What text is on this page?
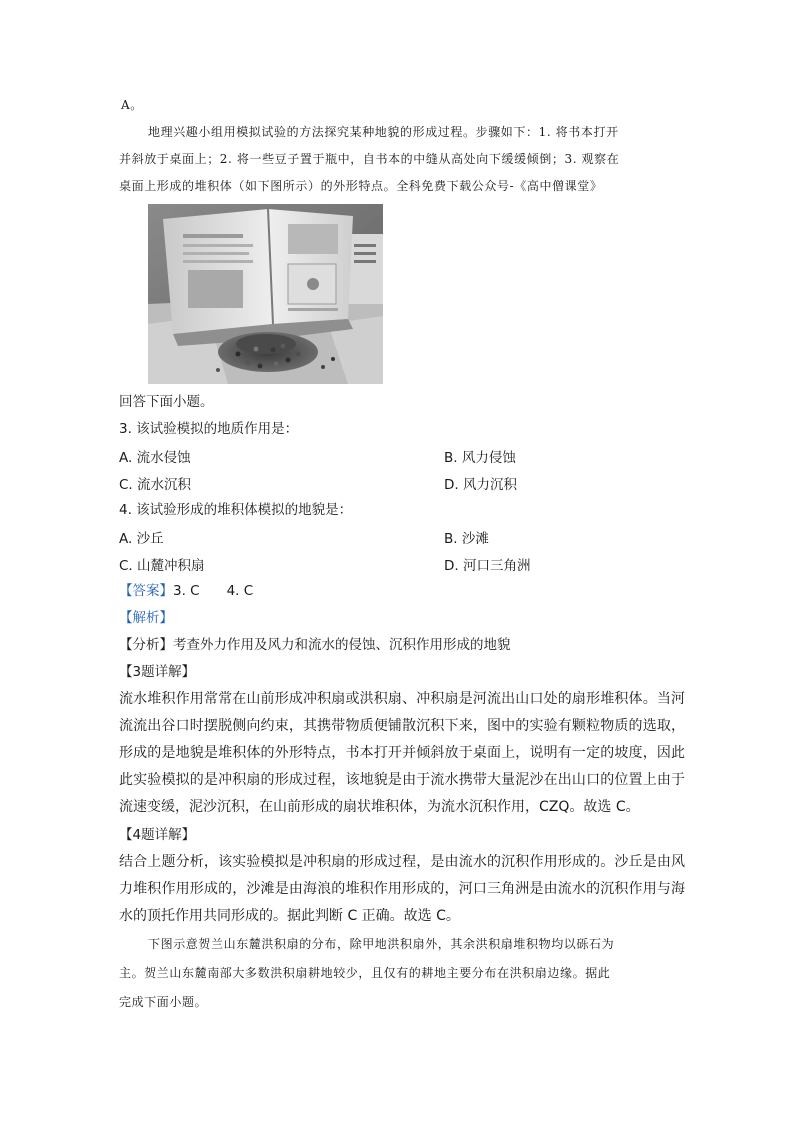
A。
地理兴趣小组用模拟试验的方法探究某种地貌的形成过程。步骤如下：1. 将书本打开
并斜放于桌面上；2. 将一些豆子置于瓶中，自书本的中缝从高处向下缓缓倾倒；3. 观察在
桌面上形成的堆积体（如下图所示）的外形特点。全科免费下载公众号-《高中僧课堂》
回答下面小题。
3. 该试验模拟的地质作用是：
A. 流水侵蚀	B. 风力侵蚀
C. 流水沉积	D. 风力沉积
4. 该试验形成的堆积体模拟的地貌是：
A. 沙丘	B. 沙滩
C. 山麓冲积扇	D. 河口三角洲
【答案】3. C　　4. C
【解析】
【分析】考查外力作用及风力和流水的侵蚀、沉积作用形成的地貌
【3题详解】
流水堆积作用常常在山前形成冲积扇或洪积扇、冲积扇是河流出山口处的扇形堆积体。当河流流出谷口时摆脱侧向约束，其携带物质便铺散沉积下来，图中的实验有颗粒物质的选取，形成的是地貌是堆积体的外形特点，书本打开并倾斜放于桌面上，说明有一定的坡度，因此此实验模拟的是冲积扇的形成过程，该地貌是由于流水携带大量泥沙在出山口的位置上由于流速变缓，泥沙沉积，在山前形成的扇状堆积体，为流水沉积作用，CZQ。故选 C。
【4题详解】
结合上题分析，该实验模拟是冲积扇的形成过程，是由流水的沉积作用形成的。沙丘是由风力堆积作用形成的，沙滩是由海浪的堆积作用形成的，河口三角洲是由流水的沉积作用与海水的顶托作用共同形成的。据此判断 C 正确。故选 C。
下图示意贺兰山东麓洪积扇的分布，除甲地洪积扇外，其余洪积扇堆积物均以砾石为
主。贺兰山东麓南部大多数洪积扇耕地较少，且仅有的耕地主要分布在洪积扇边缘。据此
完成下面小题。
